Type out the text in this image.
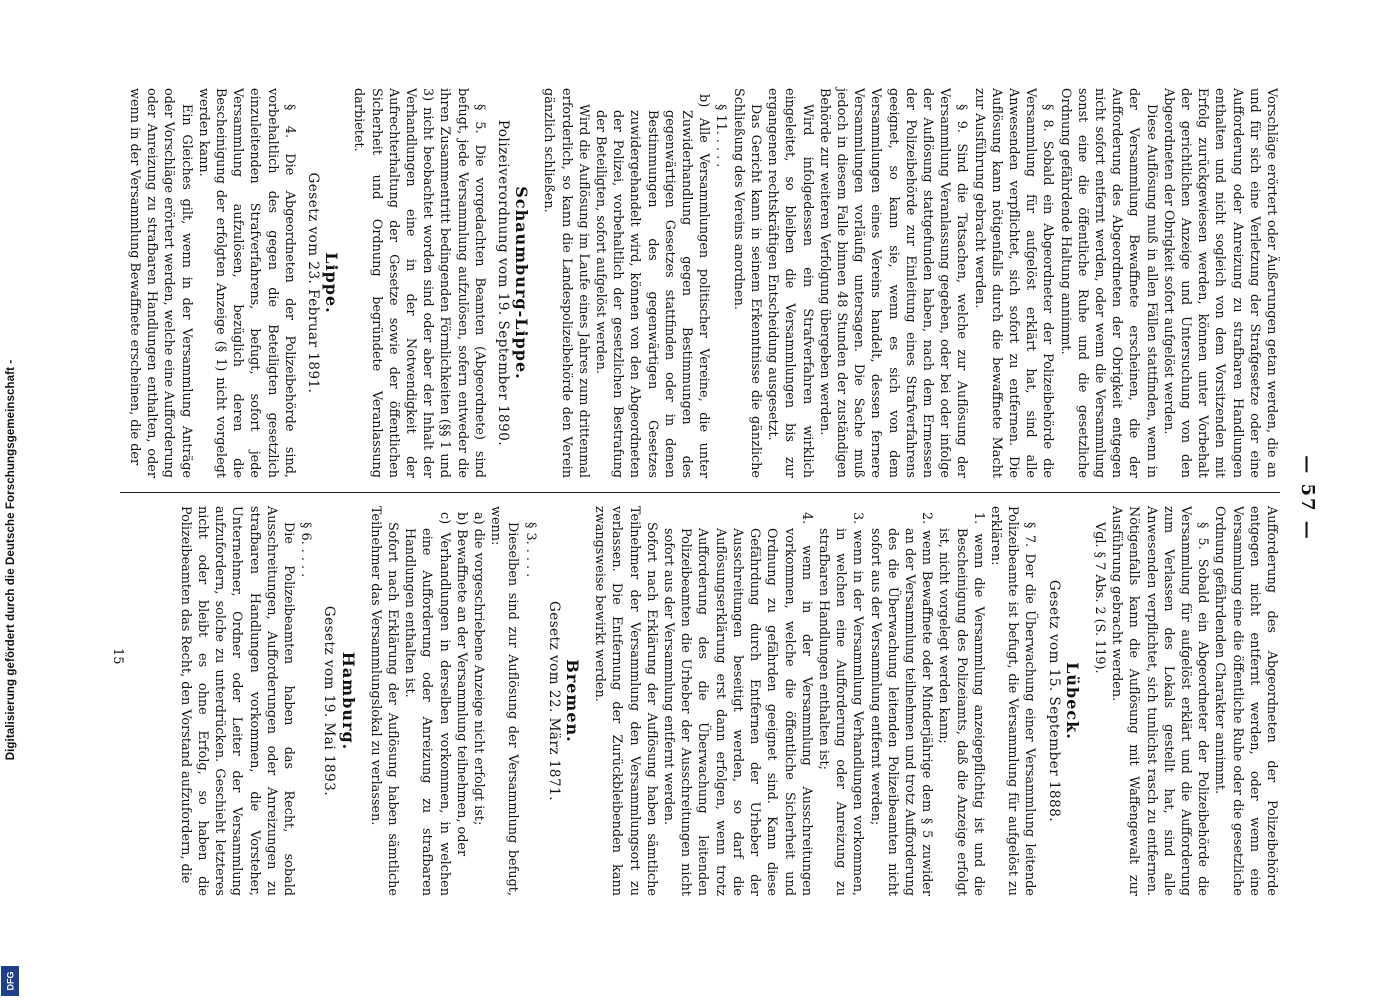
Digitalisierung gefördert durch die Deutsche Forschungsgemeinschaft -
DFG
— 57 —

Vorschläge erörtert oder Äußerungen getan werden, die an und für sich eine Verletzung der Strafgesetze oder eine Aufforderung oder Anreizung zu strafbaren Handlungen enthalten und nicht sogleich von dem Vorsitzenden mit Erfolg zurückgewiesen werden, können unter Vorbehalt der gerichtlichen Anzeige und Untersuchung von den Abgeordneten der Obrigkeit sofort aufgelöst werden.

Diese Auflösung muß in allen Fällen stattfinden, wenn in der Versammlung Bewaffnete erscheinen, die der Aufforderung des Abgeordneten der Obrigkeit entgegen nicht sofort entfernt werden, oder wenn die Versammlung sonst eine die öffentliche Ruhe und die gesetzliche Ordnung gefährdende Haltung annimmt.

§ 8. Sobald ein Abgeordneter der Polizeibehörde die Versammlung für aufgelöst erklärt hat, sind alle Anwesenden verpflichtet, sich sofort zu entfernen. Die Auflösung kann nötigenfalls durch die bewaffnete Macht zur Ausführung gebracht werden.

§ 9. Sind die Tatsachen, welche zur Auflösung der Versammlung Veranlassung gegeben, oder bei oder infolge der Auflösung stattgefunden haben, nach dem Ermessen der Polizeibehörde zur Einleitung eines Strafverfahrens geeignet, so kann sie, wenn es sich von dem Versammlungen eines Vereins handelt, dessen fernere Versammlungen vorläufig untersagen. Die Sache muß jedoch in diesem Falle binnen 48 Stunden der zuständigen Behörde zur weiteren Verfolgung übergeben werden.

Wird infolgedessen ein Strafverfahren wirklich eingeleitet, so bleiben die Versammlungen bis zur ergangenen rechtskräftigen Entscheidung ausgesetzt.

Das Gericht kann in seinem Erkenntnisse die gänzliche Schließung des Vereins anordnen.

§ 11. . . . .

b) Alle Versammlungen politischer Vereine, die unter Zuwiderhandlung gegen Bestimmungen des gegenwärtigen Gesetzes stattfinden oder in denen Bestimmungen des gegenwärtigen Gesetzes zuwidergehandelt wird, können von den Abgeordneten der Polizei, vorbehaltlich der gesetzlichen Bestrafung der Beteiligten, sofort aufgelöst werden.

Wird die Auflösung im Laufe eines Jahres zum drittenmal erforderlich, so kann die Landespolizeibehörde den Verein gänzlich schließen.

Schaumburg-Lippe.
Polizeiverordnung vom 19. September 1890.

§ 5. Die vorgedachten Beamten (Abgeordnete) sind befugt, jede Versammlung aufzulösen, sofern entweder die ihren Zusammentritt bedingenden Förmlichkeiten (§§ 1 und 3) nicht beobachtet worden sind oder aber der Inhalt der Verhandlungen eine in der Notwendigkeit der Aufrechterhaltung der Gesetze sowie der öffentlichen Sicherheit und Ordnung begründete Veranlassung darbietet.

Lippe.
Gesetz vom 23. Februar 1891.

§ 4. Die Abgeordneten der Polizeibehörde sind, vorbehaltlich des gegen die Beteiligten gesetzlich einzuleitenden Strafverfahrens, befugt, sofort jede Versammlung aufzulösen, bezüglich deren die Bescheinigung der erfolgten Anzeige (§ 1) nicht vorgelegt werden kann.

Ein Gleiches gilt, wenn in der Versammlung Anträge oder Vorschläge erörtert werden, welche eine Aufforderung oder Anreizung zu strafbaren Handlungen enthalten, oder wenn in der Versammlung Bewaffnete erscheinen, die der

Aufforderung des Abgeordneten der Polizeibehörde entgegen nicht entfernt werden, oder wenn eine Versammlung eine die öffentliche Ruhe oder die gesetzliche Ordnung gefährdenden Charakter annimmt.

§ 5. Sobald ein Abgeordneter der Polizeibehörde die Versammlung für aufgelöst erklärt und die Aufforderung zum Verlassen des Lokals gestellt hat, sind alle Anwesenden verpflichtet, sich tunlichst rasch zu entfernen. Nötigenfalls kann die Auflösung mit Waffengewalt zur Ausführung gebracht werden.

Vgl. § 7 Abs. 2 (S. 119).

Lübeck.
Gesetz vom 15. September 1888.

§ 7. Der die Überwachung einer Versammlung leitende Polizeibeamte ist befugt, die Versammlung für aufgelöst zu erklären:

1. wenn die Versammlung anzeigepflichtig ist und die Bescheinigung des Polizeiamts, daß die Anzeige erfolgt ist, nicht vorgelegt werden kann;

2. wenn Bewaffnete oder Minderjährige dem § 5 zuwider an der Versammlung teilnehmen und trotz Aufforderung des die Überwachung leitenden Polizeibeamten nicht sofort aus der Versammlung entfernt werden;

3. wenn in der Versammlung Verhandlungen vorkommen, in welchen eine Aufforderung oder Anreizung zu strafbaren Handlungen enthalten ist;

4. wenn in der Versammlung Ausschreitungen vorkommen, welche die öffentliche Sicherheit und Ordnung zu gefährden geeignet sind. Kann diese Gefährdung durch Entfernen der Urheber der Ausschreitungen beseitigt werden, so darf die Auflösungserklärung erst dann erfolgen, wenn trotz Aufforderung des die Überwachung leitenden Polizeibeamten die Urheber der Ausschreitungen nicht sofort aus der Versammlung entfernt werden.

Sofort nach Erklärung der Auflösung haben sämtliche Teilnehmer der Versammlung den Versammlungsort zu verlassen. Die Entfernung der Zurückbleibenden kann zwangsweise bewirkt werden.

Bremen.
Gesetz vom 22. März 1871.

§ 3. . . . .

Dieselben sind zur Auflösung der Versammlung befugt, wenn:

a) die vorgeschriebene Anzeige nicht erfolgt ist;

b) Bewaffnete an der Versammlung teilnehmen, oder

c) Verhandlungen in derselben vorkommen, in welchen eine Aufforderung oder Anreizung zu strafbaren Handlungen enthalten ist.

Sofort nach Erklärung der Auflösung haben sämtliche Teilnehmer das Versammlungslokal zu verlassen.

Hamburg.
Gesetz vom 19. Mai 1893.

§ 6. . . . .

Die Polizeibeamten haben das Recht, sobald Ausschreitungen, Aufforderungen oder Anreizungen zu strafbaren Handlungen vorkommen, die Vorsteher, Unternehmer, Ordner oder Leiter der Versammlung aufzufordern, solche zu unterdrücken. Geschieht letzteres nicht oder bleibt es ohne Erfolg, so haben die Polizeibeamten das Recht, den Vorstand aufzufordern, die

15
